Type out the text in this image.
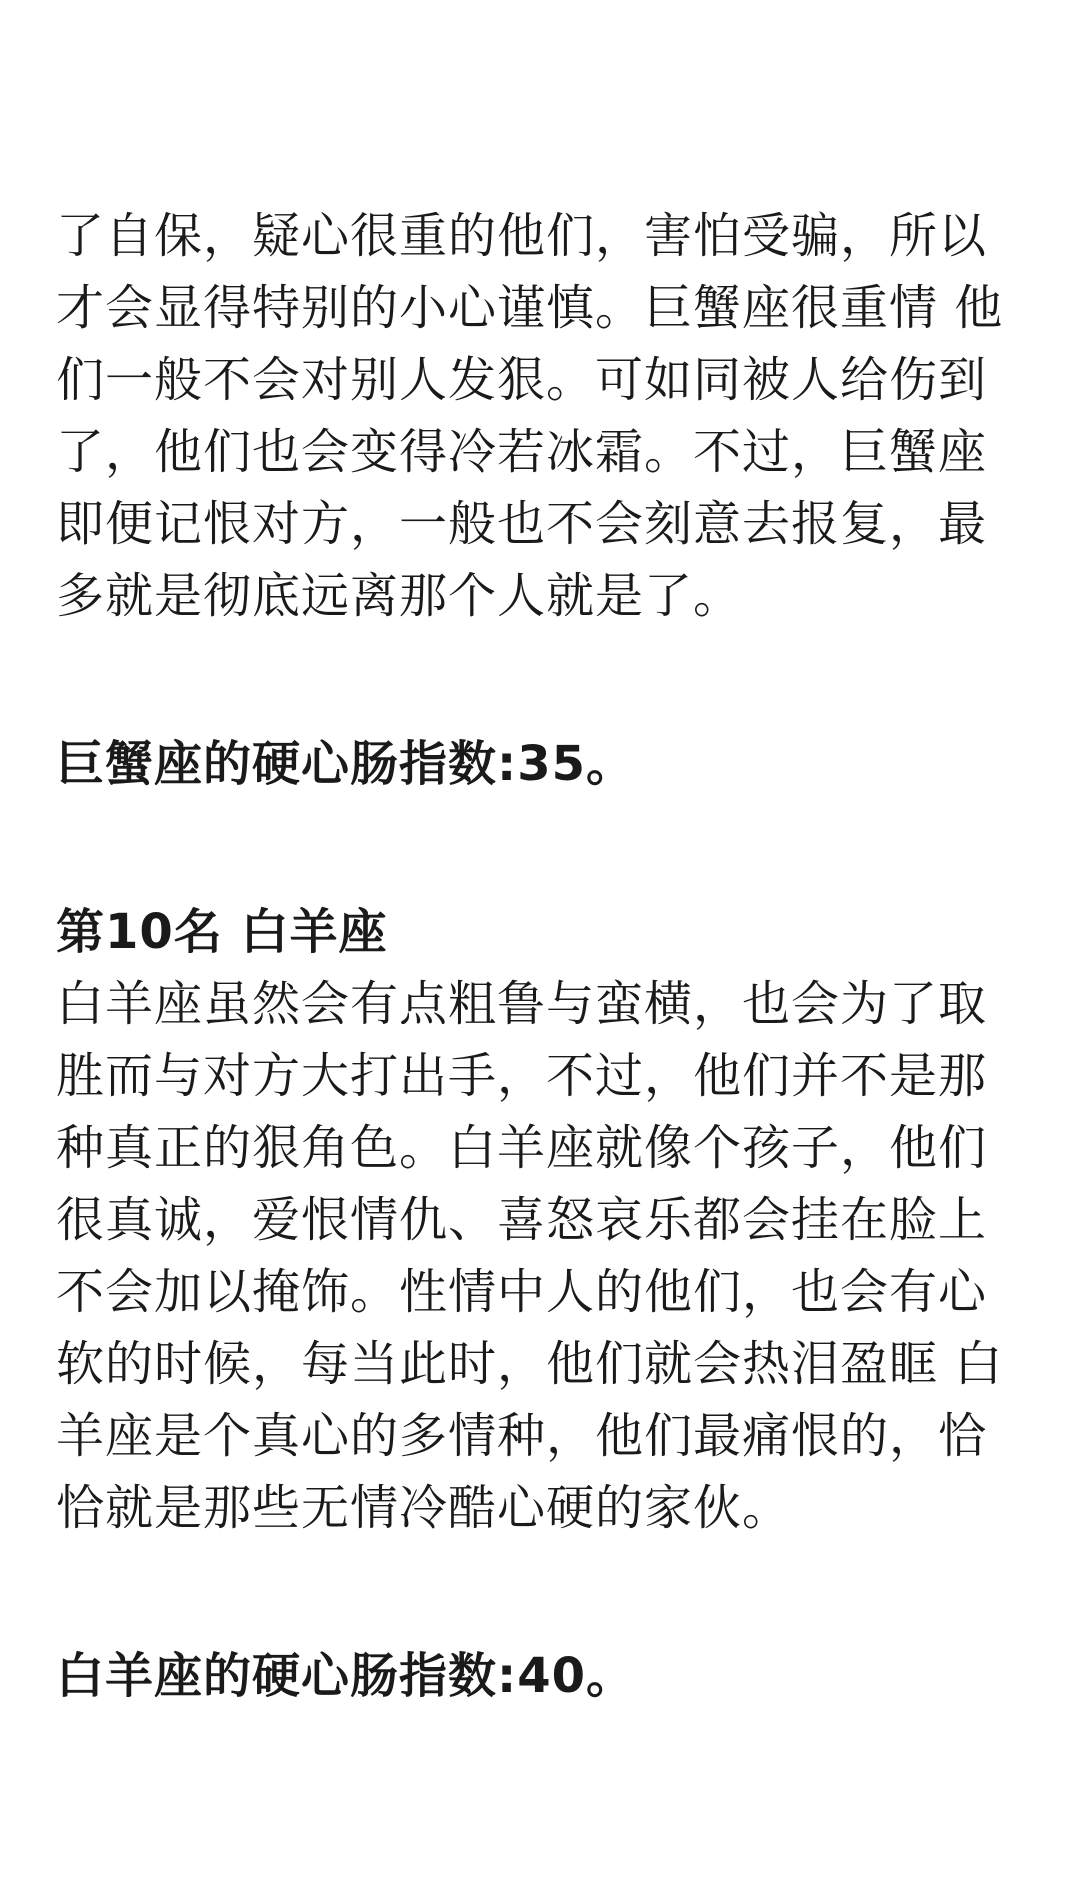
了自保，疑心很重的他们，害怕受骗，所以
才会显得特别的小心谨慎。巨蟹座很重情 他
们一般不会对别人发狠。可如同被人给伤到
了，他们也会变得冷若冰霜。不过，巨蟹座
即便记恨对方，一般也不会刻意去报复，最
多就是彻底远离那个人就是了。
巨蟹座的硬心肠指数:35。
第10名 白羊座
白羊座虽然会有点粗鲁与蛮横，也会为了取
胜而与对方大打出手，不过，他们并不是那
种真正的狠角色。白羊座就像个孩子，他们
很真诚，爱恨情仇、喜怒哀乐都会挂在脸上
不会加以掩饰。性情中人的他们，也会有心
软的时候，每当此时，他们就会热泪盈眶 白
羊座是个真心的多情种，他们最痛恨的，恰
恰就是那些无情冷酷心硬的家伙。
白羊座的硬心肠指数:40。
